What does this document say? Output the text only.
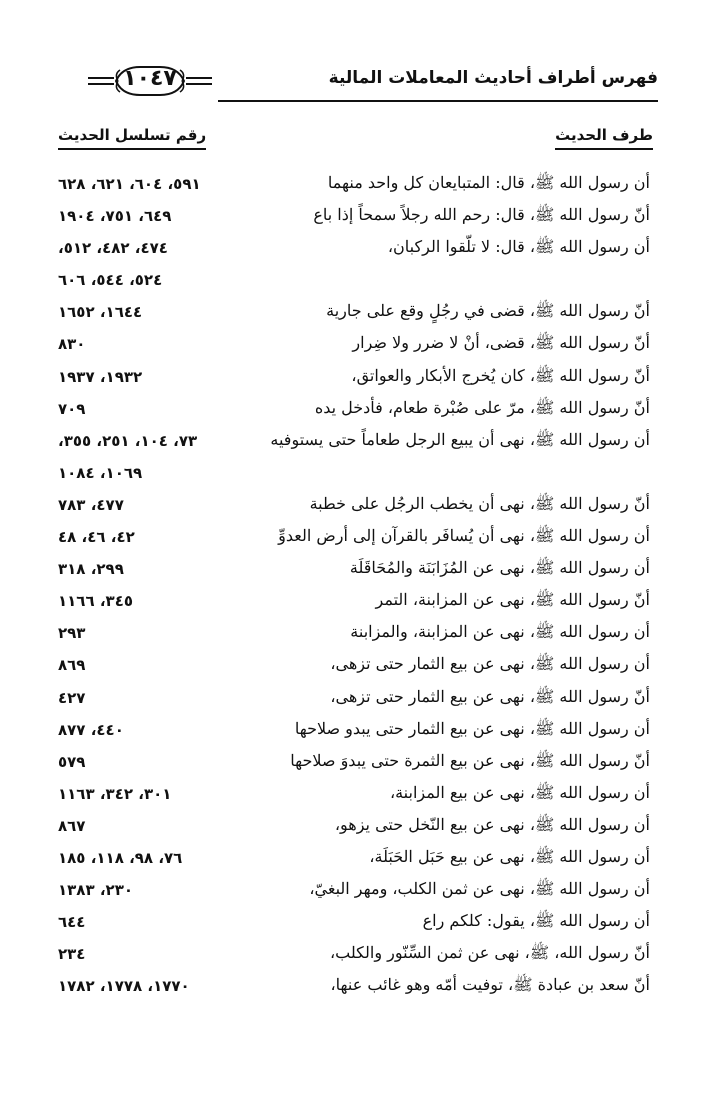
فهرس أطراف أحاديث المعاملات المالية
١٠٤٧
طرف الحديث
رقم تسلسل الحديث
أن رسول الله ﷺ، قال: المتبايعان كل واحد منهما
٥٩١، ٦٠٤، ٦٢١، ٦٢٨
أنّ رسول الله ﷺ، قال: رحم الله رجلاً سمحاً إذا باع
٦٤٩، ٧٥١، ١٩٠٤
أن رسول الله ﷺ، قال: لا تلّقوا الركبان،
٤٧٤، ٤٨٢، ٥١٢،
٥٢٤، ٥٤٤، ٦٠٦
أنّ رسول الله ﷺ، قضى في رجُلٍ وقع على جارية
١٦٤٤، ١٦٥٢
أنّ رسول الله ﷺ، قضى، أنْ لا ضرر ولا ضِرار
٨٣٠
أنّ رسول الله ﷺ، كان يُخرج الأبكار والعواتق،
١٩٣٢، ١٩٣٧
أنّ رسول الله ﷺ، مرّ على صُبْرة طعام، فأدخل يده
٧٠٩
أن رسول الله ﷺ، نهى أن يبيع الرجل طعاماً حتى يستوفيه
٧٣، ١٠٤، ٢٥١، ٣٥٥،
١٠٦٩، ١٠٨٤
أنّ رسول الله ﷺ، نهى أن يخطب الرجُل على خطبة
٤٧٧، ٧٨٣
أن رسول الله ﷺ، نهى أن يُسافَر بالقرآن إلى أرض العدوِّ
٤٢، ٤٦، ٤٨
أن رسول الله ﷺ، نهى عن المُزَابَنَة والمُحَاقَلَة
٢٩٩، ٣١٨
أنّ رسول الله ﷺ، نهى عن المزابنة، التمر
٣٤٥، ١١٦٦
أن رسول الله ﷺ، نهى عن المزابنة، والمزابنة
٢٩٣
أن رسول الله ﷺ، نهى عن بيع الثمار حتى تزهى،
٨٦٩
أنّ رسول الله ﷺ، نهى عن بيع الثمار حتى تزهى،
٤٢٧
أن رسول الله ﷺ، نهى عن بيع الثمار حتى يبدو صلاحها
٤٤٠، ٨٧٧
أنّ رسول الله ﷺ، نهى عن بيع الثمرة حتى يبدوَ صلاحها
٥٧٩
أن رسول الله ﷺ، نهى عن بيع المزابنة،
٣٠١، ٣٤٢، ١١٦٣
أن رسول الله ﷺ، نهى عن بيع النّخل حتى يزهو،
٨٦٧
أن رسول الله ﷺ، نهى عن بيع حَبَل الحَبَلَة،
٧٦، ٩٨، ١١٨، ١٨٥
أن رسول الله ﷺ، نهى عن ثمن الكلب، ومهر البغيّ،
٢٣٠، ١٣٨٣
أن رسول الله ﷺ، يقول: كلكم راع
٦٤٤
أنّ رسول الله، ﷺ، نهى عن ثمن السِّنّور والكلب،
٢٣٤
أنّ سعد بن عبادة ﷺ، توفيت أمّه وهو غائب عنها،
١٧٧٠، ١٧٧٨، ١٧٨٢
